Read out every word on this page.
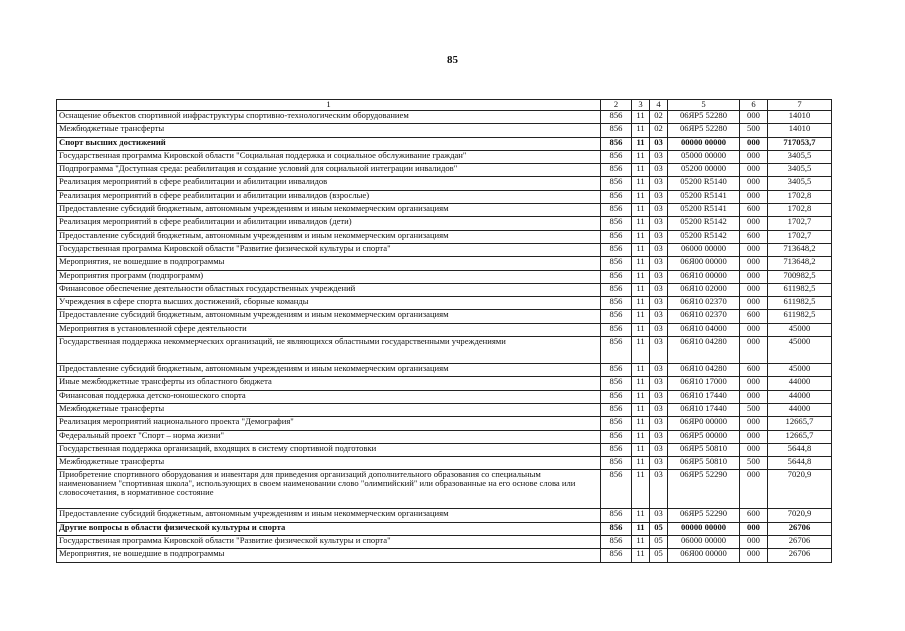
85
1	2	3	4	5	6	7
Оснащение объектов спортивной инфраструктуры спортивно-технологическим оборудованием	856	11	02	06ЯР5 52280	000	14010
Межбюджетные трансферты	856	11	02	06ЯР5 52280	500	14010
Спорт высших достижений	856	11	03	00000 00000	000	717053,7
Государственная программа Кировской области "Социальная поддержка и социальное обслуживание граждан"	856	11	03	05000 00000	000	3405,5
Подпрограмма "Доступная среда: реабилитация и создание условий для социальной интеграции инвалидов"	856	11	03	05200 00000	000	3405,5
Реализация мероприятий в сфере реабилитации и абилитации инвалидов	856	11	03	05200 R5140	000	3405,5
Реализация мероприятий в сфере реабилитации и абилитации инвалидов (взрослые)	856	11	03	05200 R5141	000	1702,8
Предоставление субсидий бюджетным, автономным учреждениям и иным некоммерческим организациям	856	11	03	05200 R5141	600	1702,8
Реализация мероприятий в сфере реабилитации и абилитации инвалидов (дети)	856	11	03	05200 R5142	000	1702,7
Предоставление субсидий бюджетным, автономным учреждениям и иным некоммерческим организациям	856	11	03	05200 R5142	600	1702,7
Государственная программа Кировской области "Развитие физической культуры и спорта"	856	11	03	06000 00000	000	713648,2
Мероприятия, не вошедшие в подпрограммы	856	11	03	06Я00 00000	000	713648,2
Мероприятия программ (подпрограмм)	856	11	03	06Я10 00000	000	700982,5
Финансовое обеспечение деятельности областных государственных учреждений	856	11	03	06Я10 02000	000	611982,5
Учреждения в сфере спорта высших достижений, сборные команды	856	11	03	06Я10 02370	000	611982,5
Предоставление субсидий бюджетным, автономным учреждениям и иным некоммерческим организациям	856	11	03	06Я10 02370	600	611982,5
Мероприятия в установленной сфере деятельности	856	11	03	06Я10 04000	000	45000
Государственная поддержка некоммерческих организаций, не являющихся областными государственными учреждениями	856	11	03	06Я10 04280	000	45000
Предоставление субсидий бюджетным, автономным учреждениям и иным некоммерческим организациям	856	11	03	06Я10 04280	600	45000
Иные межбюджетные трансферты из областного бюджета	856	11	03	06Я10 17000	000	44000
Финансовая поддержка детско-юношеского спорта	856	11	03	06Я10 17440	000	44000
Межбюджетные трансферты	856	11	03	06Я10 17440	500	44000
Реализация мероприятий национального проекта "Демография"	856	11	03	06ЯР0 00000	000	12665,7
Федеральный проект "Спорт – норма жизни"	856	11	03	06ЯР5 00000	000	12665,7
Государственная поддержка организаций, входящих в систему спортивной подготовки	856	11	03	06ЯР5 50810	000	5644,8
Межбюджетные трансферты	856	11	03	06ЯР5 50810	500	5644,8
Приобретение спортивного оборудования и инвентаря для приведения организаций дополнительного образования со специальным наименованием "спортивная школа", использующих в своем наименовании слово "олимпийский" или образованные на его основе слова или словосочетания, в нормативное состояние	856	11	03	06ЯР5 52290	000	7020,9
Предоставление субсидий бюджетным, автономным учреждениям и иным некоммерческим организациям	856	11	03	06ЯР5 52290	600	7020,9
Другие вопросы в области физической культуры и спорта	856	11	05	00000 00000	000	26706
Государственная программа Кировской области "Развитие физической культуры и спорта"	856	11	05	06000 00000	000	26706
Мероприятия, не вошедшие в подпрограммы	856	11	05	06Я00 00000	000	26706
